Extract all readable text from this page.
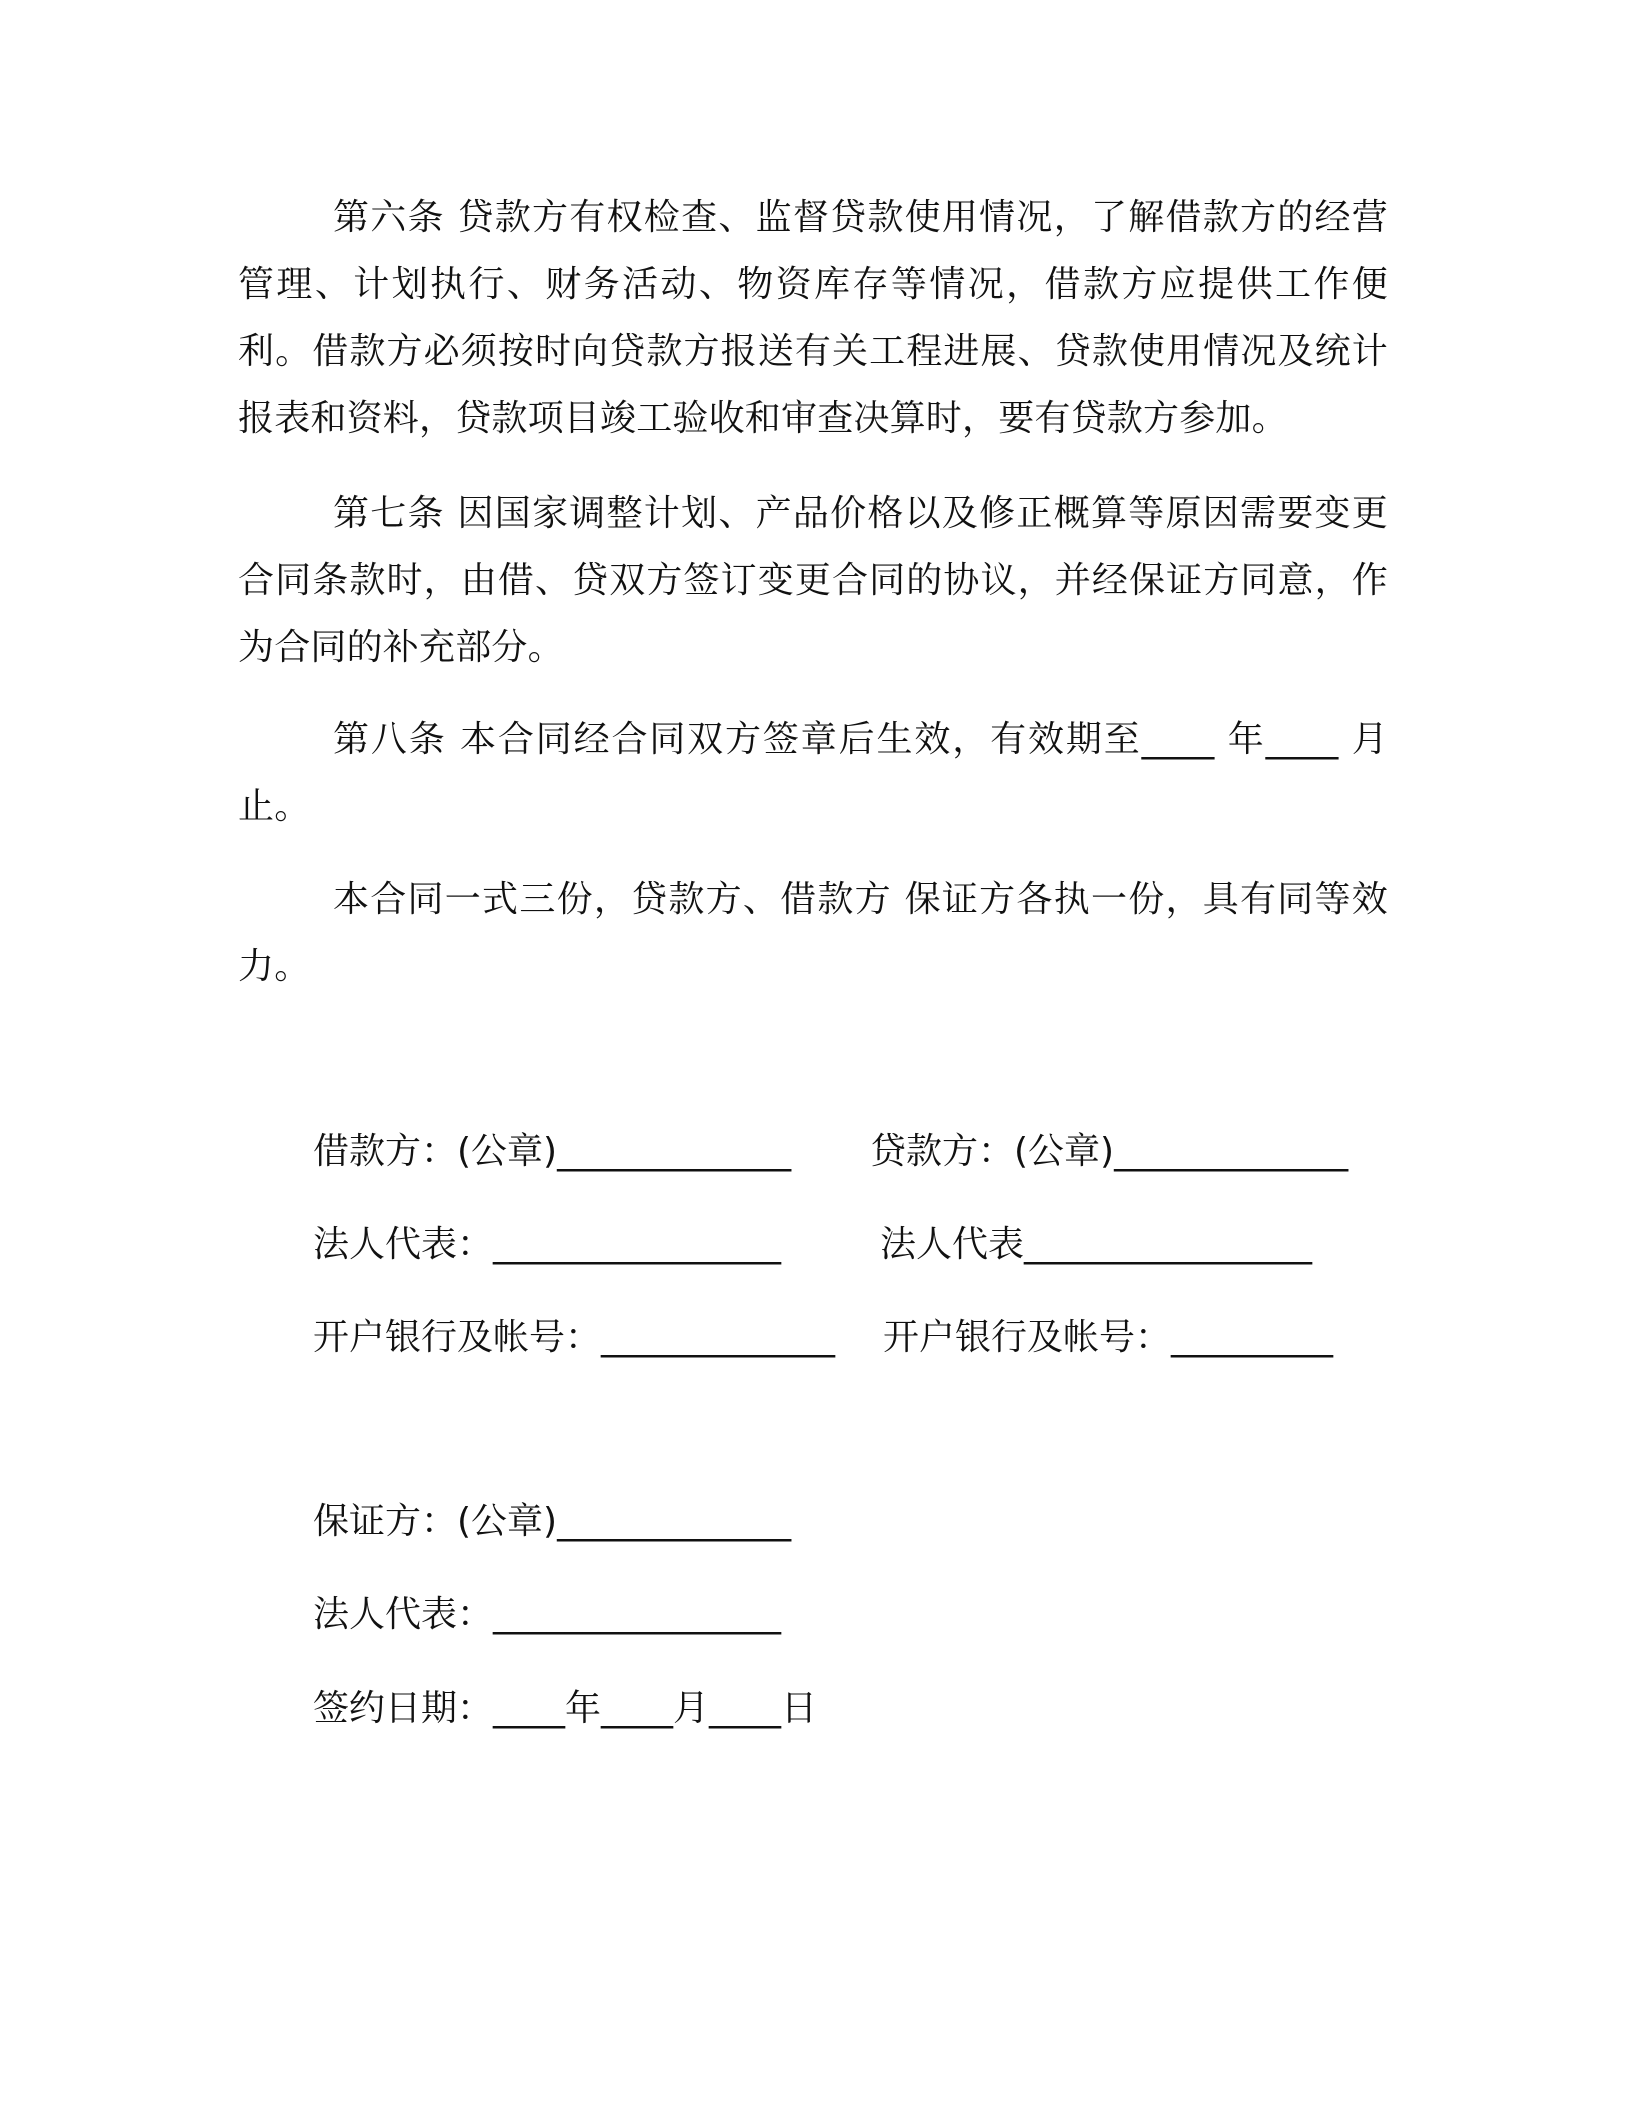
第六条 贷款方有权检查、监督贷款使用情况，了解借款方的经营管理、计划执行、财务活动、物资库存等情况，借款方应提供工作便利。借款方必须按时向贷款方报送有关工程进展、贷款使用情况及统计报表和资料，贷款项目竣工验收和审查决算时，要有贷款方参加。

第七条 因国家调整计划、产品价格以及修正概算等原因需要变更合同条款时，由借、贷双方签订变更合同的协议，并经保证方同意，作为合同的补充部分。

第八条 本合同经合同双方签章后生效，有效期至____ 年____ 月止。

本合同一式三份，贷款方、借款方 保证方各执一份，具有同等效力。

借款方：(公章)_____________ 贷款方：(公章)_____________
法人代表：________________	法人代表________________
开户银行及帐号：_____________ 开户银行及帐号：_________
保证方：(公章)_____________
法人代表：________________
签约日期：____年____月____日
